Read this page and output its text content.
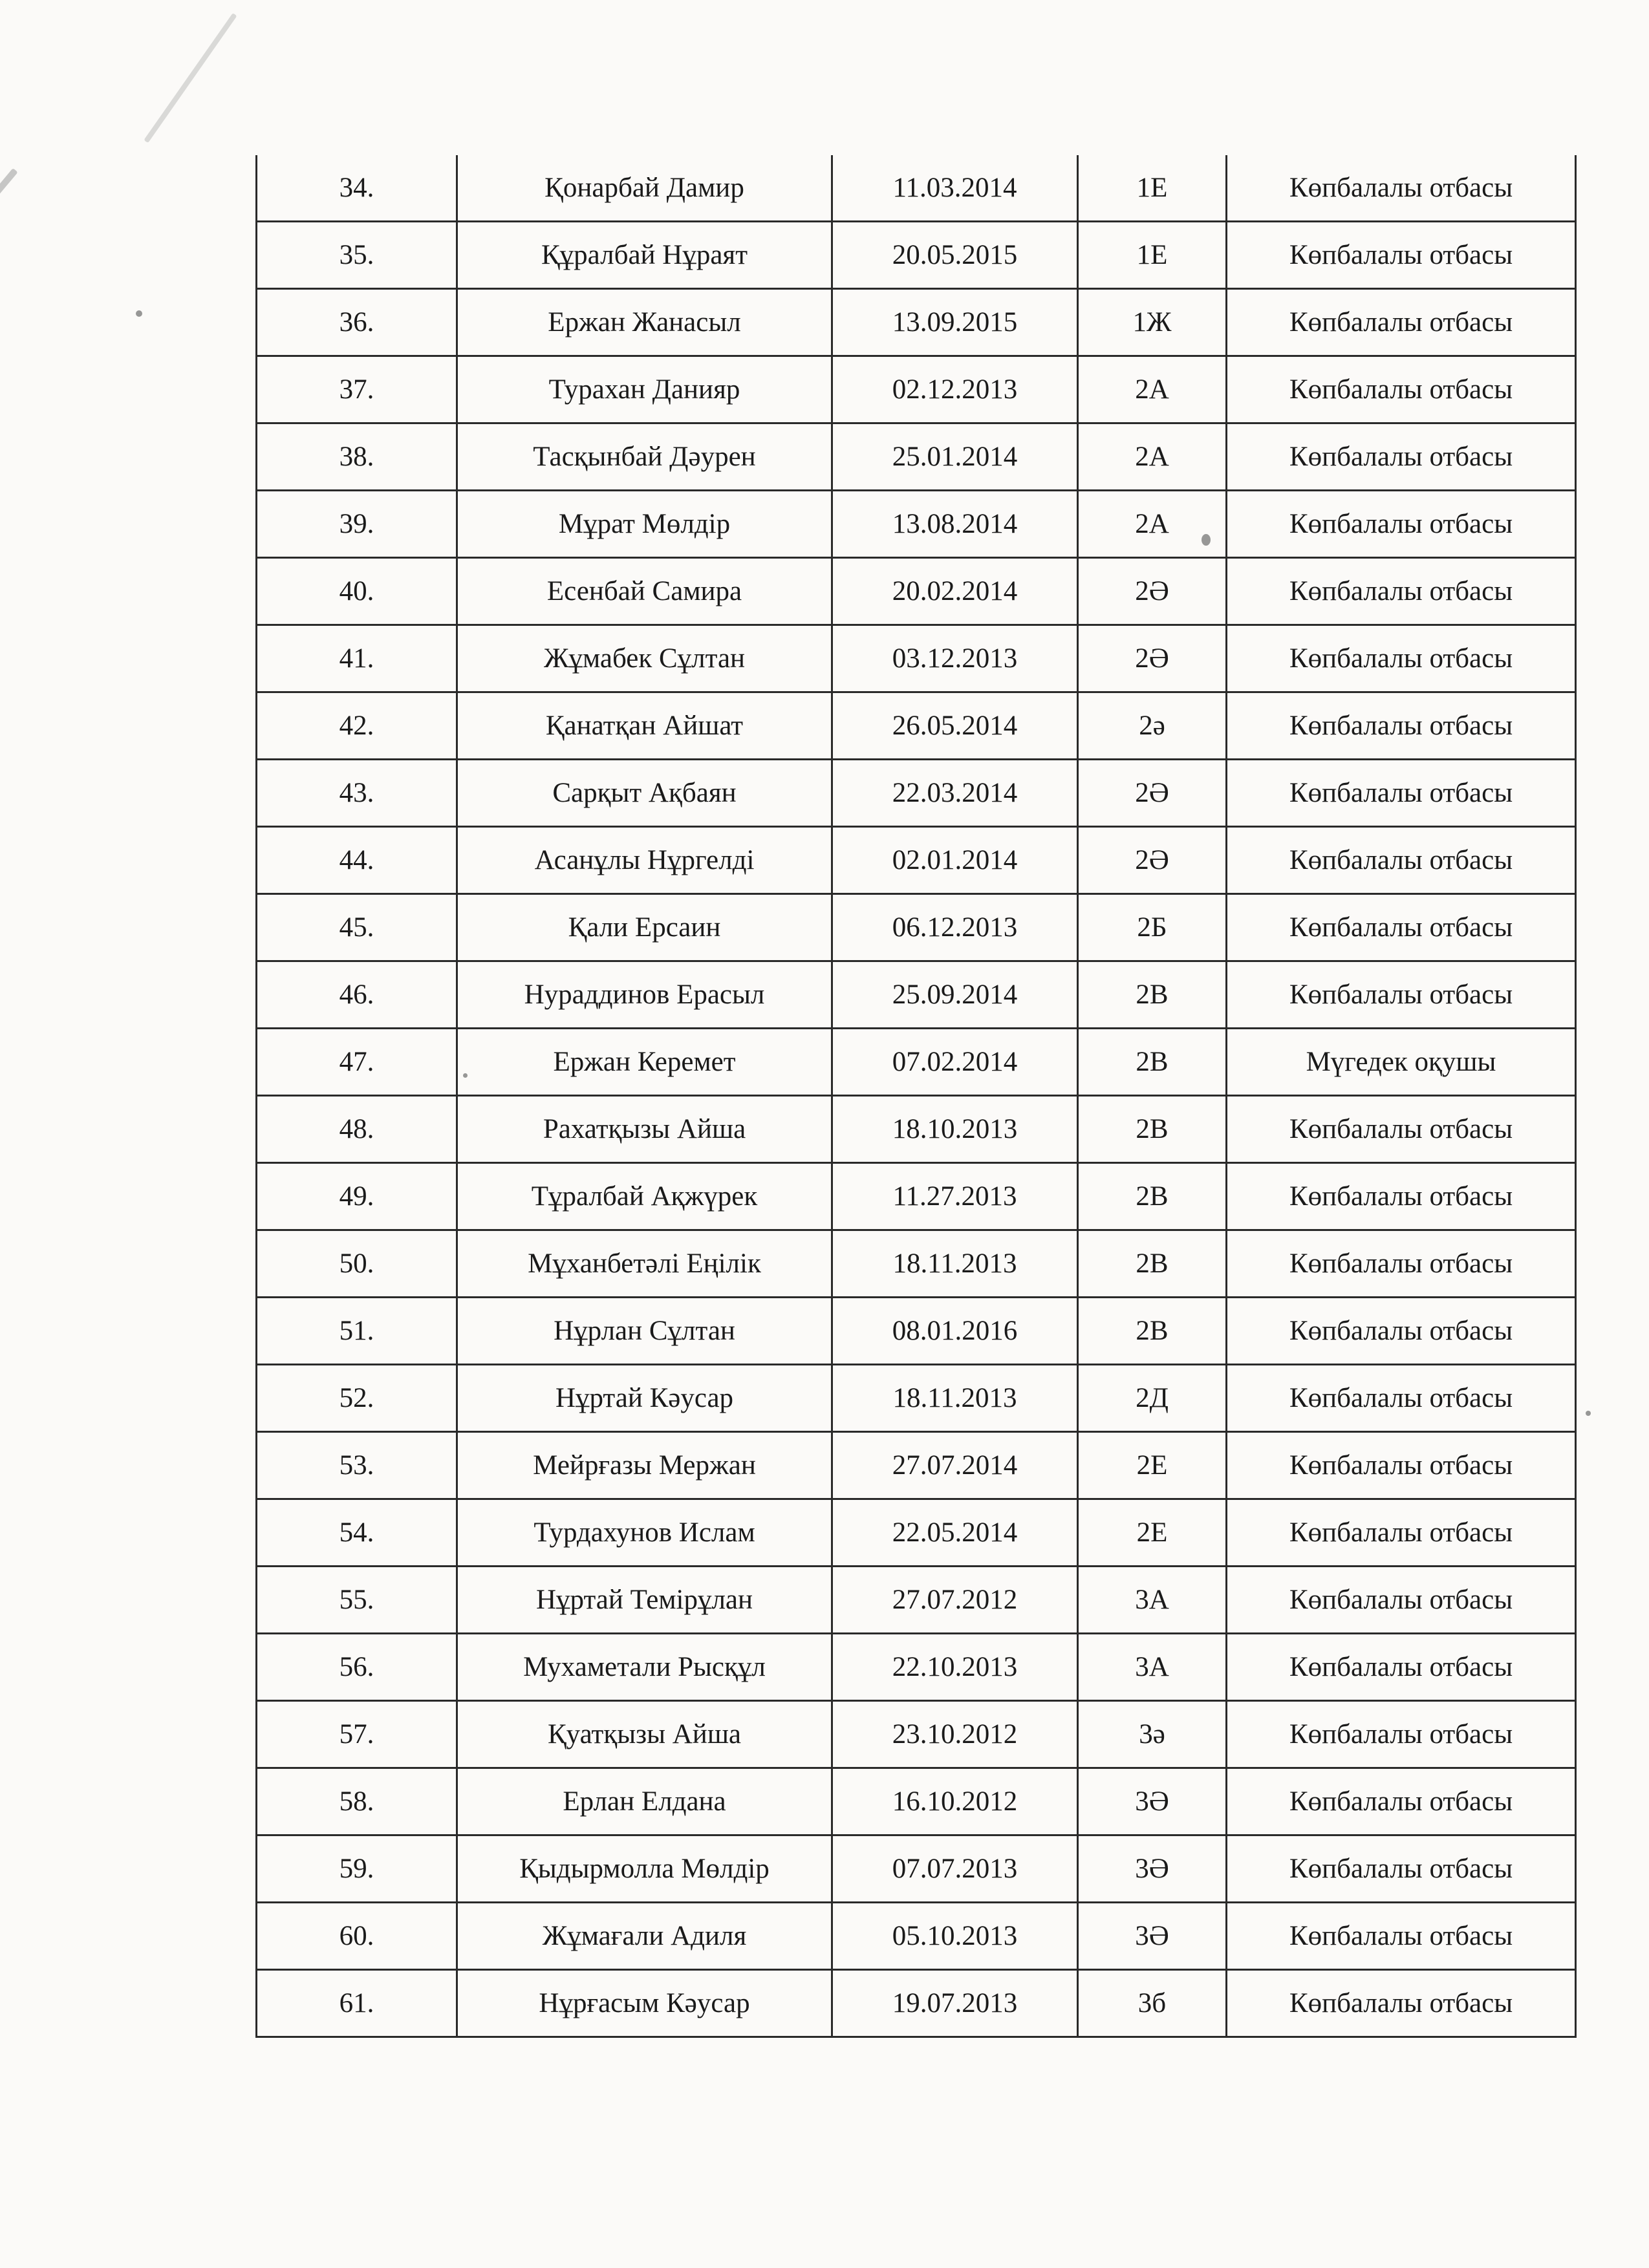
34.	Қонарбай Дамир	11.03.2014	1Е	Көпбалалы отбасы
35.	Құралбай Нұраят	20.05.2015	1Е	Көпбалалы отбасы
36.	Ержан Жанасыл	13.09.2015	1Ж	Көпбалалы отбасы
37.	Турахан Данияр	02.12.2013	2А	Көпбалалы отбасы
38.	Тасқынбай Дәурен	25.01.2014	2А	Көпбалалы отбасы
39.	Мұрат Мөлдір	13.08.2014	2А	Көпбалалы отбасы
40.	Есенбай Самира	20.02.2014	2Ә	Көпбалалы отбасы
41.	Жұмабек Сұлтан	03.12.2013	2Ә	Көпбалалы отбасы
42.	Қанатқан Айшат	26.05.2014	2ә	Көпбалалы отбасы
43.	Сарқыт Ақбаян	22.03.2014	2Ә	Көпбалалы отбасы
44.	Асанұлы Нұргелді	02.01.2014	2Ә	Көпбалалы отбасы
45.	Қали Ерсаин	06.12.2013	2Б	Көпбалалы отбасы
46.	Нураддинов Ерасыл	25.09.2014	2В	Көпбалалы отбасы
47.	Ержан Керемет	07.02.2014	2В	Мүгедек оқушы
48.	Рахатқызы Айша	18.10.2013	2В	Көпбалалы отбасы
49.	Тұралбай Ақжүрек	11.27.2013	2В	Көпбалалы отбасы
50.	Мұханбетәлі Еңілік	18.11.2013	2В	Көпбалалы отбасы
51.	Нұрлан Сұлтан	08.01.2016	2В	Көпбалалы отбасы
52.	Нұртай Кәусар	18.11.2013	2Д	Көпбалалы отбасы
53.	Мейрғазы Мержан	27.07.2014	2Е	Көпбалалы отбасы
54.	Турдахунов Ислам	22.05.2014	2Е	Көпбалалы отбасы
55.	Нұртай Темірұлан	27.07.2012	3А	Көпбалалы отбасы
56.	Мухаметали Рысқұл	22.10.2013	3А	Көпбалалы отбасы
57.	Қуатқызы Айша	23.10.2012	3ә	Көпбалалы отбасы
58.	Ерлан Елдана	16.10.2012	3Ә	Көпбалалы отбасы
59.	Қыдырмолла Мөлдір	07.07.2013	3Ә	Көпбалалы отбасы
60.	Жұмағали Адиля	05.10.2013	3Ә	Көпбалалы отбасы
61.	Нұрғасым Кәусар	19.07.2013	3б	Көпбалалы отбасы
